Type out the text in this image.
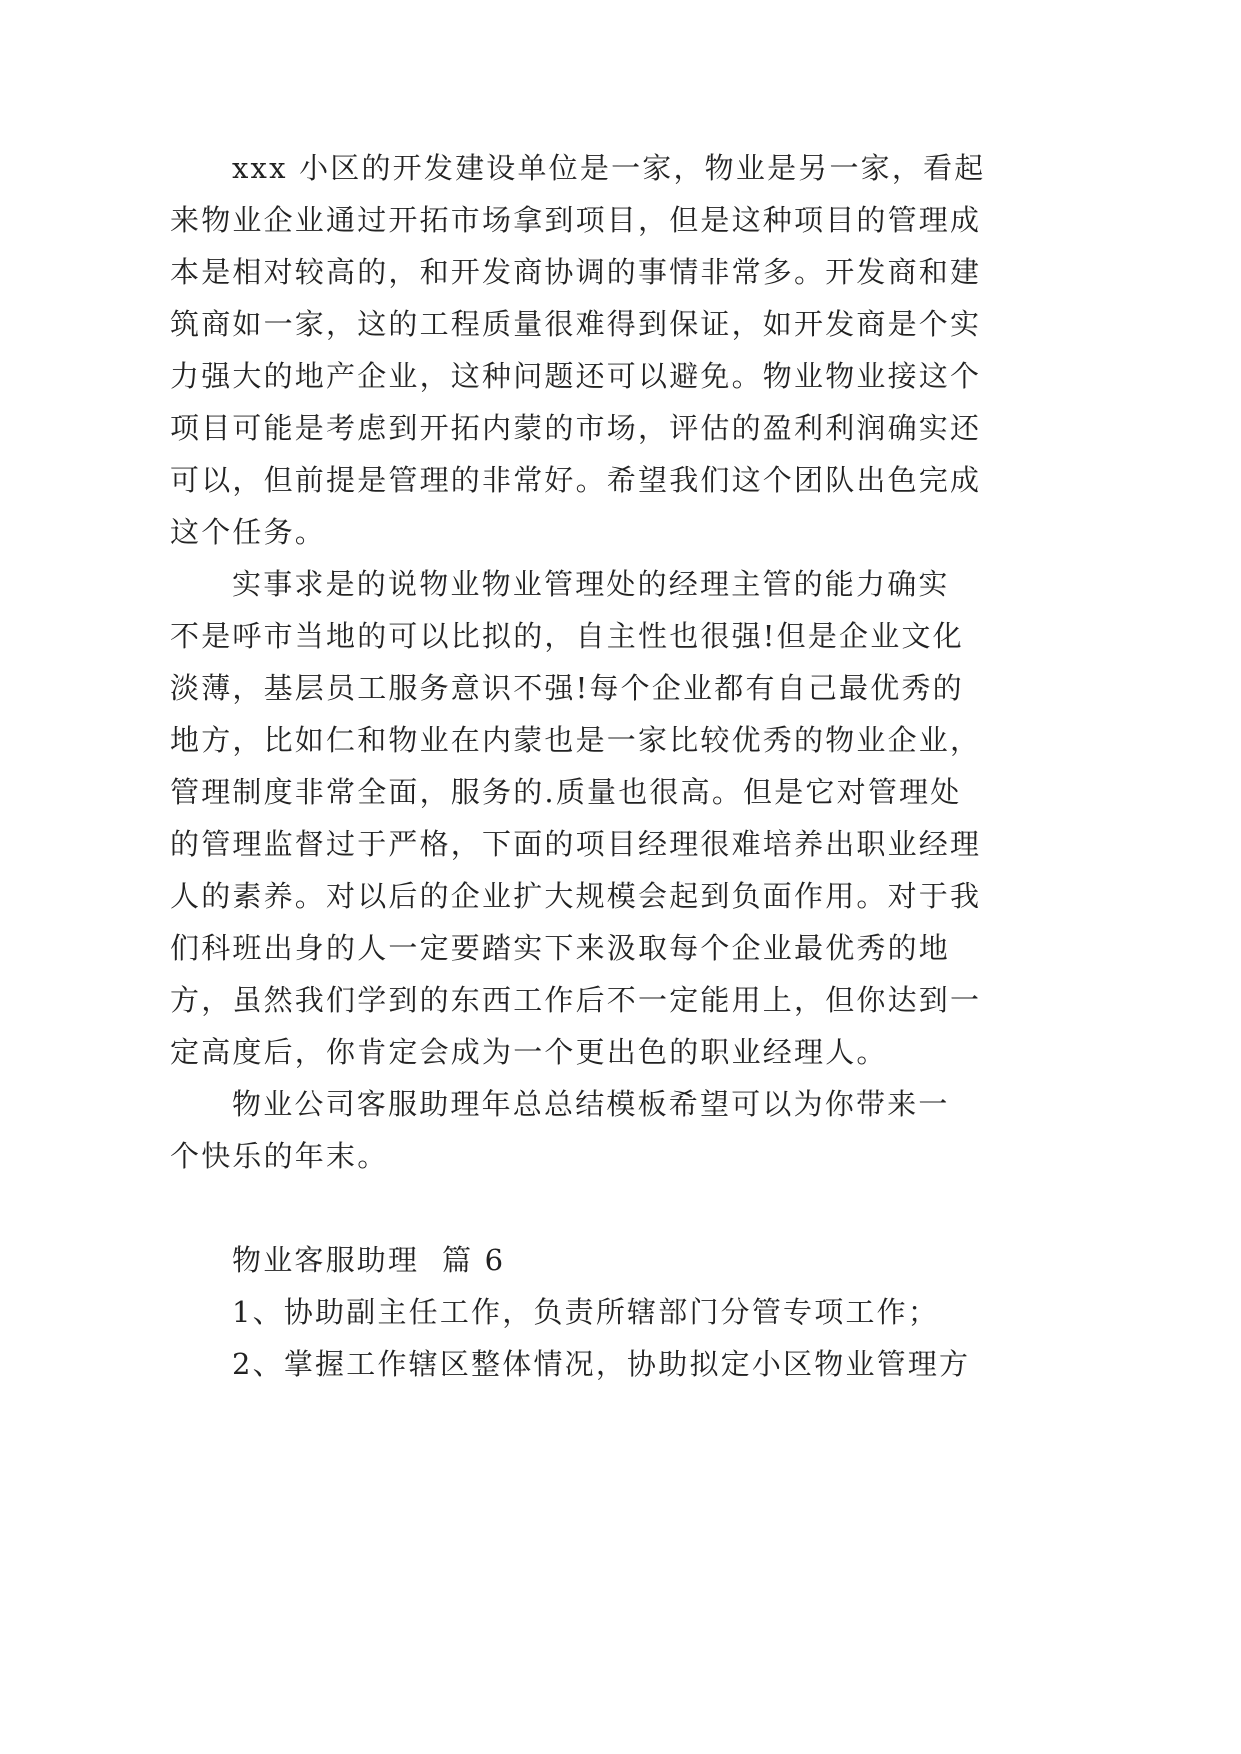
xxx 小区的开发建设单位是一家，物业是另一家，看起
来物业企业通过开拓市场拿到项目，但是这种项目的管理成
本是相对较高的，和开发商协调的事情非常多。开发商和建
筑商如一家，这的工程质量很难得到保证，如开发商是个实
力强大的地产企业，这种问题还可以避免。物业物业接这个
项目可能是考虑到开拓内蒙的市场，评估的盈利利润确实还
可以，但前提是管理的非常好。希望我们这个团队出色完成
这个任务。
实事求是的说物业物业管理处的经理主管的能力确实
不是呼市当地的可以比拟的，自主性也很强!但是企业文化
淡薄，基层员工服务意识不强!每个企业都有自己最优秀的
地方，比如仁和物业在内蒙也是一家比较优秀的物业企业，
管理制度非常全面，服务的.质量也很高。但是它对管理处
的管理监督过于严格，下面的项目经理很难培养出职业经理
人的素养。对以后的企业扩大规模会起到负面作用。对于我
们科班出身的人一定要踏实下来汲取每个企业最优秀的地
方，虽然我们学到的东西工作后不一定能用上，但你达到一
定高度后，你肯定会成为一个更出色的职业经理人。
物业公司客服助理年总总结模板希望可以为你带来一
个快乐的年末。
物业客服助理  篇 6
1、协助副主任工作，负责所辖部门分管专项工作；
2、掌握工作辖区整体情况，协助拟定小区物业管理方
